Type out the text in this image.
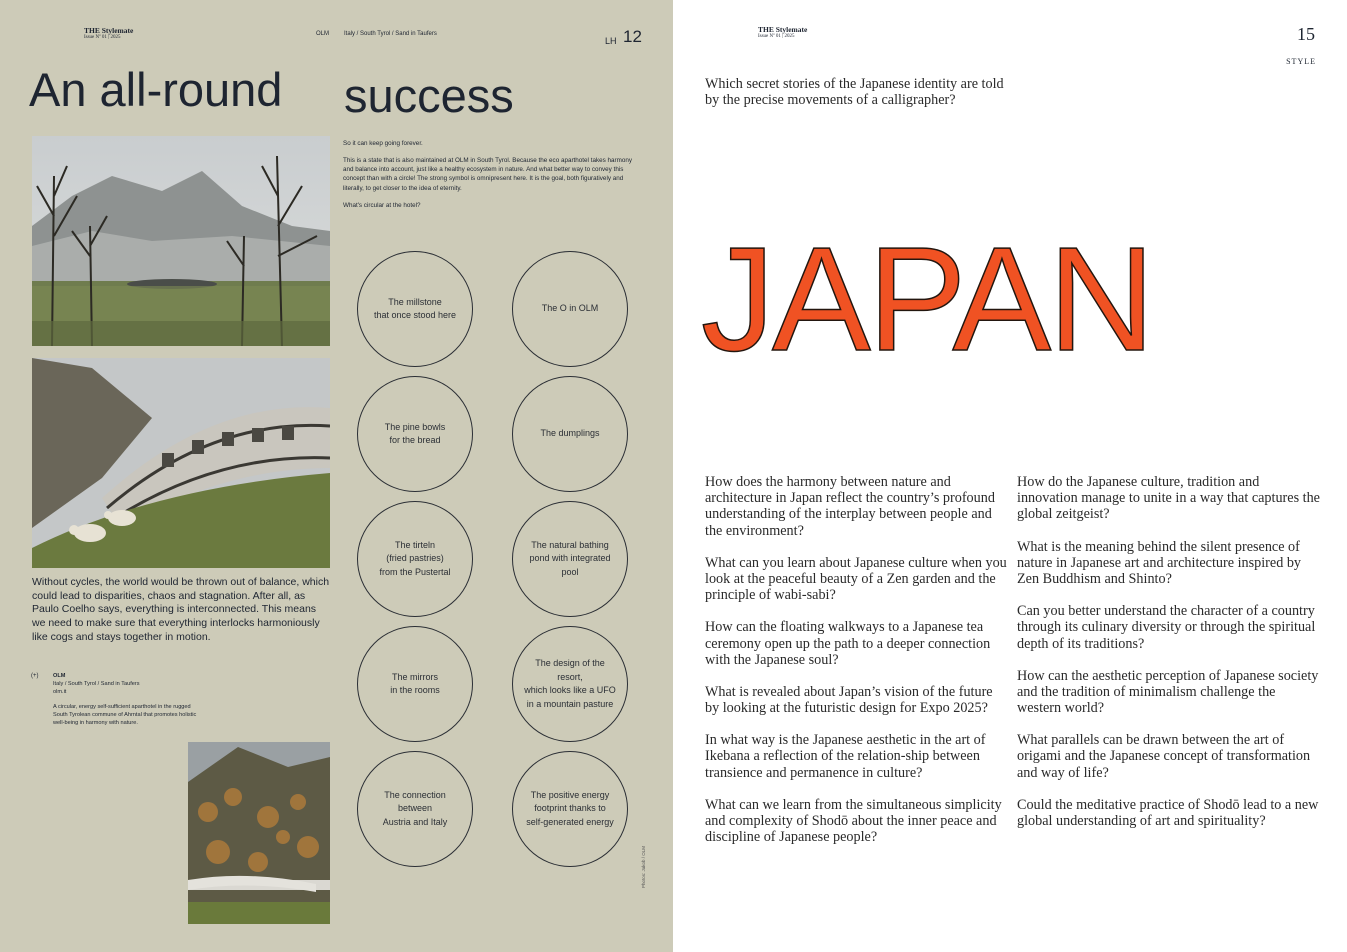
THE Stylemate
Issue Nº 01 | 2025
OLM Italy / South Tyrol / Sand in Taufers
LH 12
An all-round success

So it can keep going forever.

This is a state that is also maintained at OLM in South Tyrol. Because the eco aparthotel takes harmony and balance into account, just like a healthy ecosystem in nature. And what better way to convey this concept than with a circle! The strong symbol is omnipresent here. It is the goal, both figuratively and literally, to get closer to the idea of eternity.

What's circular at the hotel?

The millstone
that once stood here
The O in OLM
The pine bowls
for the bread
The dumplings
The tirteln
(fried pastries)
from the Pustertal
The natural bathing
pond with integrated
pool
The mirrors
in the rooms
The design of the resort,
which looks like a UFO
in a mountain pasture
The connection
between
Austria and Italy
The positive energy
footprint thanks to
self-generated energy

Without cycles, the world would be thrown out of balance, which could lead to disparities, chaos and stagnation. After all, as Paulo Coelho says, everything is interconnected. This means we need to make sure that everything interlocks harmoniously like cogs and stays together in motion.

(+)	OLM
Italy / South Tyrol / Sand in Taufers
olm.it
A circular, energy self-sufficient aparthotel in the rugged South Tyrolean commune of Ahrntal that promotes holistic well-being in harmony with nature.
Photos: Jakob / OLM
THE Stylemate
Issue Nº 01 | 2025	15
STYLE

Which secret stories of the Japanese identity are told by the precise movements of a calligrapher?

JAPAN

How does the harmony between nature and architecture in Japan reflect the country’s profound understanding of the interplay between people and the environment?

What can you learn about Japanese culture when you look at the peaceful beauty of a Zen garden and the principle of wabi-sabi?

How can the floating walkways to a Japanese tea ceremony open up the path to a deeper connection with the Japanese soul?

What is revealed about Japan’s vision of the future by looking at the futuristic design for Expo 2025?

In what way is the Japanese aesthetic in the art of Ikebana a reflection of the relation-ship between transience and permanence in culture?

What can we learn from the simultaneous simplicity and complexity of Shodō about the inner peace and discipline of Japanese people?

How do the Japanese culture, tradition and innovation manage to unite in a way that captures the global zeitgeist?

What is the meaning behind the silent presence of nature in Japanese art and architecture inspired by Zen Buddhism and Shinto?

Can you better understand the character of a country through its culinary diversity or through the spiritual depth of its traditions?

How can the aesthetic perception of Japanese society and the tradition of minimalism challenge the western world?

What parallels can be drawn between the art of origami and the Japanese concept of transformation and way of life?

Could the meditative practice of Shodō lead to a new global understanding of art and spirituality?
